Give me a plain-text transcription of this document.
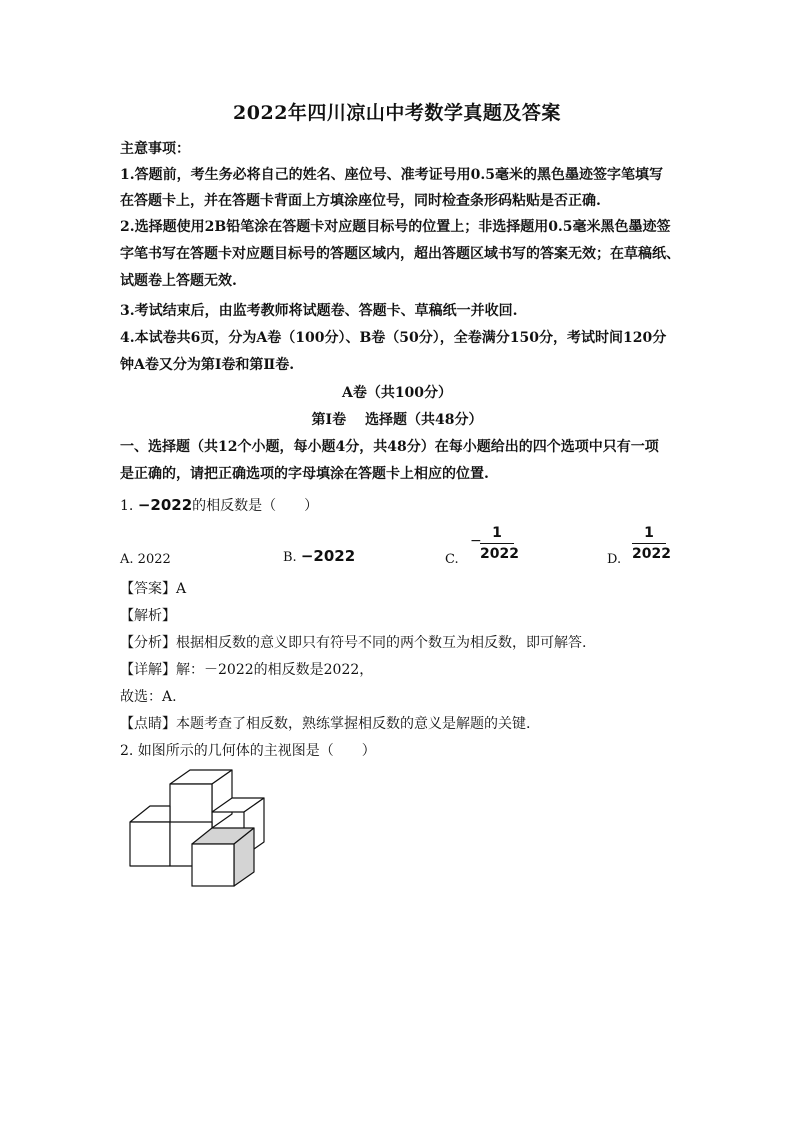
2022年四川凉山中考数学真题及答案
主意事项：
1.答题前，考生务必将自己的姓名、座位号、准考证号用0.5毫米的黑色墨迹签字笔填写
在答题卡上，并在答题卡背面上方填涂座位号，同时检查条形码粘贴是否正确.
2.选择题使用2B铅笔涂在答题卡对应题目标号的位置上；非选择题用0.5毫米黑色墨迹签
字笔书写在答题卡对应题目标号的答题区域内，超出答题区域书写的答案无效；在草稿纸、
试题卷上答题无效.
3.考试结束后，由监考教师将试题卷、答题卡、草稿纸一并收回.
4.本试卷共6页，分为A卷（100分）、B卷（50分），全卷满分150分，考试时间120分
钟A卷又分为第Ⅰ卷和第Ⅱ卷.
A卷（共100分）
第Ⅰ卷　 选择题（共48分）
一、选择题（共12个小题，每小题4分，共48分）在每小题给出的四个选项中只有一项
是正确的，请把正确选项的字母填涂在答题卡上相应的位置.
1. −2022的相反数是（　　）
A. 2022	B. −2022	C.
− 1
2022	D.
1
2022
【答案】A
【解析】
【分析】根据相反数的意义即只有符号不同的两个数互为相反数，即可解答.
【详解】解：－2022的相反数是2022，
故选：A.
【点睛】本题考查了相反数，熟练掌握相反数的意义是解题的关键.
2. 如图所示的几何体的主视图是（　　）
